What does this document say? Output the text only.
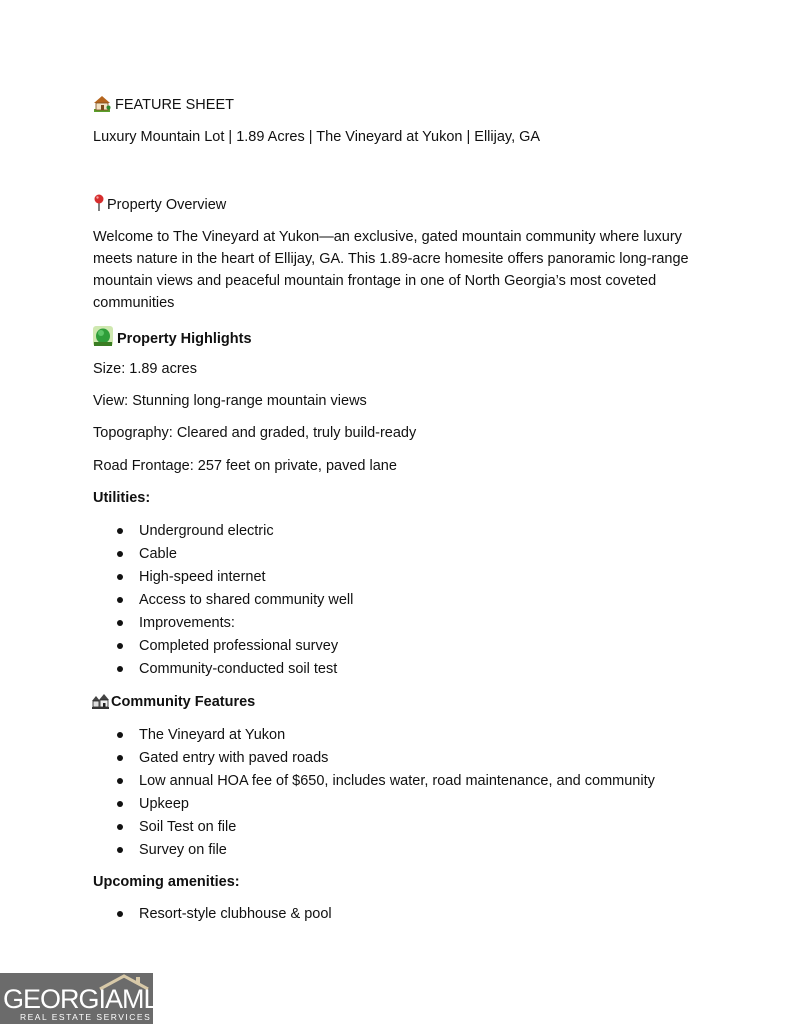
FEATURE SHEET
Luxury Mountain Lot | 1.89 Acres | The Vineyard at Yukon | Ellijay, GA
Property Overview
Welcome to The Vineyard at Yukon—an exclusive, gated mountain community where luxury meets nature in the heart of Ellijay, GA. This 1.89-acre homesite offers panoramic long-range mountain views and peaceful mountain frontage in one of North Georgia’s most coveted communities
Property Highlights
Size: 1.89 acres
View: Stunning long-range mountain views
Topography: Cleared and graded, truly build-ready
Road Frontage: 257 feet on private, paved lane
Utilities:
Underground electric
Cable
High-speed internet
Access to shared community well
Improvements:
Completed professional survey
Community-conducted soil test
Community Features
The Vineyard at Yukon
Gated entry with paved roads
Low annual HOA fee of $650, includes water, road maintenance, and community
Upkeep
Soil Test on file
Survey on file
Upcoming amenities:
Resort-style clubhouse & pool
GEORGIAMLS
REAL ESTATE SERVICES
